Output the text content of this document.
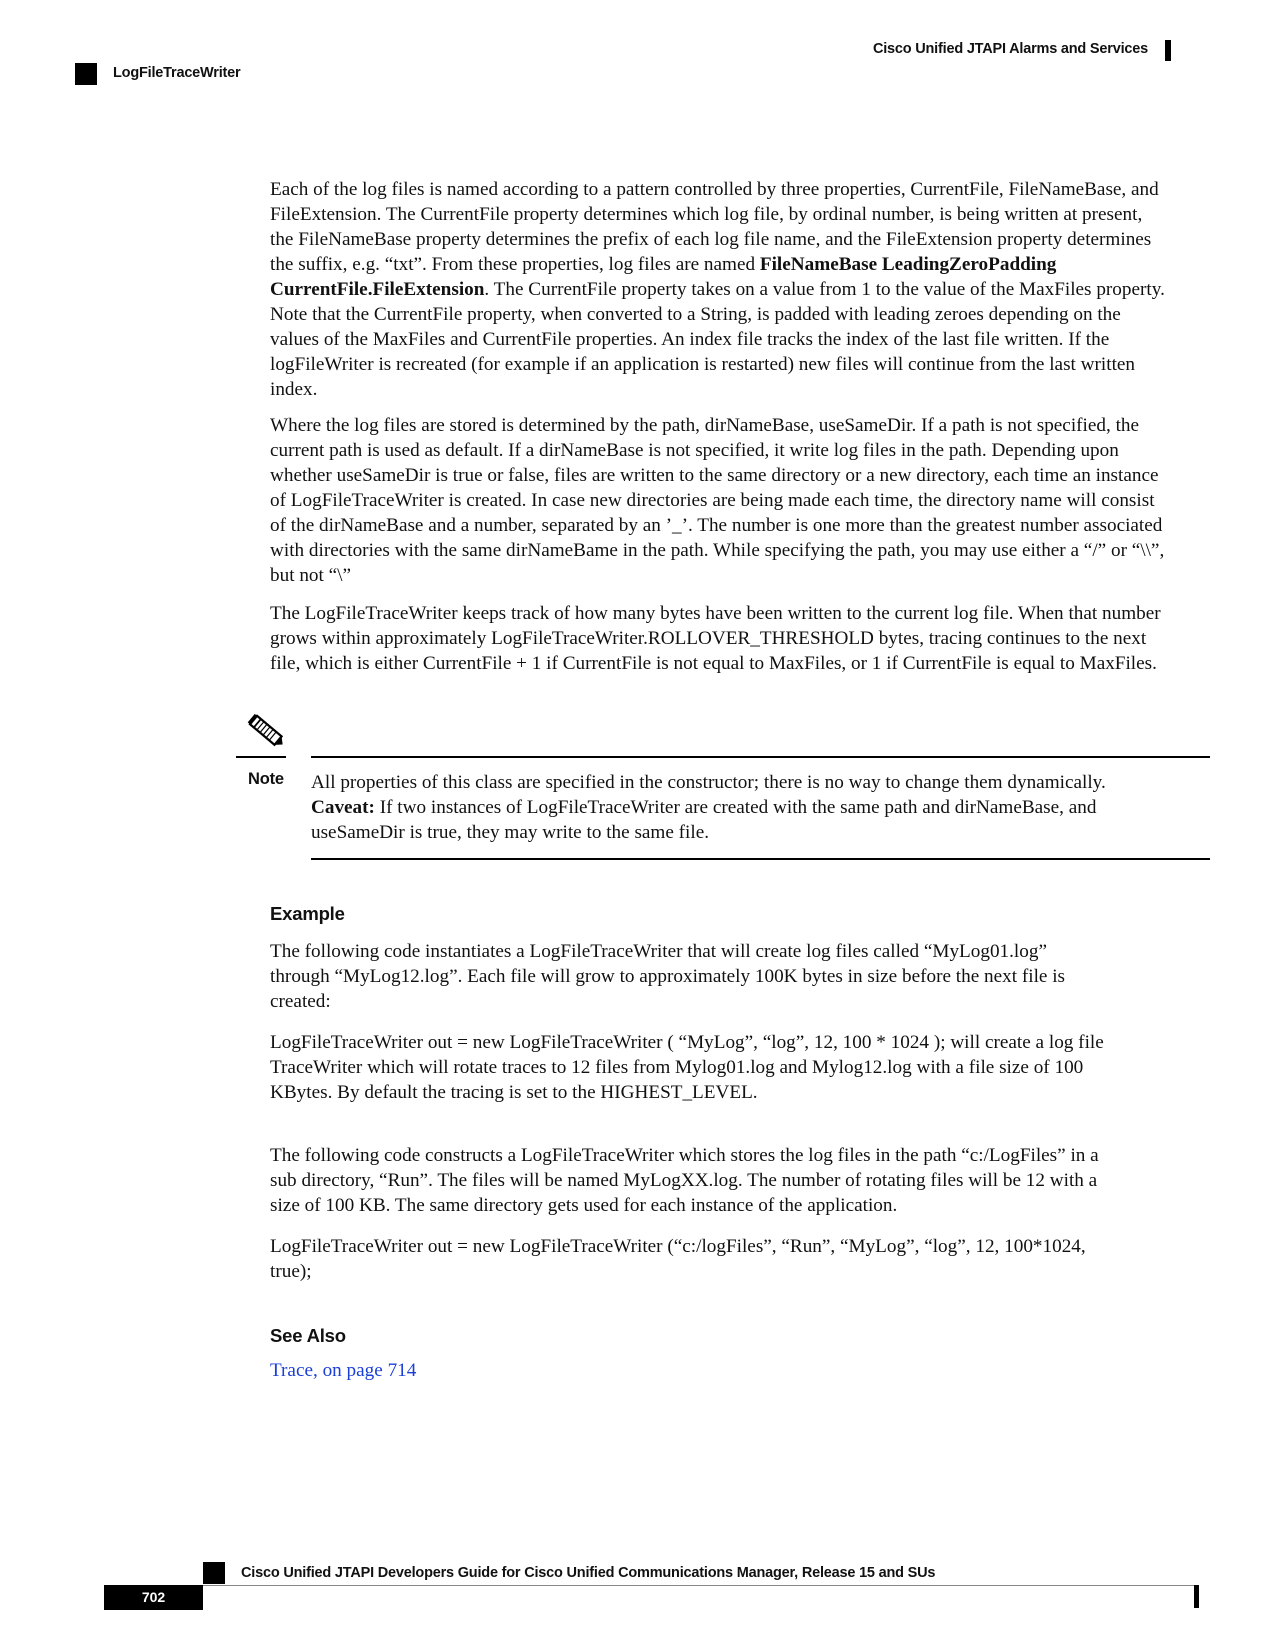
Cisco Unified JTAPI Alarms and Services
LogFileTraceWriter

Each of the log files is named according to a pattern controlled by three properties, CurrentFile, FileNameBase, and FileExtension. The CurrentFile property determines which log file, by ordinal number, is being written at present, the FileNameBase property determines the prefix of each log file name, and the FileExtension property determines the suffix, e.g. “txt”. From these properties, log files are named FileNameBase LeadingZeroPadding CurrentFile.FileExtension. The CurrentFile property takes on a value from 1 to the value of the MaxFiles property. Note that the CurrentFile property, when converted to a String, is padded with leading zeroes depending on the values of the MaxFiles and CurrentFile properties. An index file tracks the index of the last file written. If the logFileWriter is recreated (for example if an application is restarted) new files will continue from the last written index.

Where the log files are stored is determined by the path, dirNameBase, useSameDir. If a path is not specified, the current path is used as default. If a dirNameBase is not specified, it write log files in the path. Depending upon whether useSameDir is true or false, files are written to the same directory or a new directory, each time an instance of LogFileTraceWriter is created. In case new directories are being made each time, the directory name will consist of the dirNameBase and a number, separated by an ’_’. The number is one more than the greatest number associated with directories with the same dirNameBame in the path. While specifying the path, you may use either a “/” or “\\”, but not “\”

The LogFileTraceWriter keeps track of how many bytes have been written to the current log file. When that number grows within approximately LogFileTraceWriter.ROLLOVER_THRESHOLD bytes, tracing continues to the next file, which is either CurrentFile + 1 if CurrentFile is not equal to MaxFiles, or 1 if CurrentFile is equal to MaxFiles.

Note All properties of this class are specified in the constructor; there is no way to change them dynamically.

Caveat: If two instances of LogFileTraceWriter are created with the same path and dirNameBase, and useSameDir is true, they may write to the same file.

Example

The following code instantiates a LogFileTraceWriter that will create log files called “MyLog01.log” through “MyLog12.log”. Each file will grow to approximately 100K bytes in size before the next file is created:

LogFileTraceWriter out = new LogFileTraceWriter ( “MyLog”, “log”, 12, 100 * 1024 ); will create a log file TraceWriter which will rotate traces to 12 files from Mylog01.log and Mylog12.log with a file size of 100 KBytes. By default the tracing is set to the HIGHEST_LEVEL.

The following code constructs a LogFileTraceWriter which stores the log files in the path “c:/LogFiles” in a sub directory, “Run”. The files will be named MyLogXX.log. The number of rotating files will be 12 with a size of 100 KB. The same directory gets used for each instance of the application.

LogFileTraceWriter out = new LogFileTraceWriter (“c:/logFiles”, “Run”, “MyLog”, “log”, 12, 100*1024, true);

See Also
Trace, on page 714
Cisco Unified JTAPI Developers Guide for Cisco Unified Communications Manager, Release 15 and SUs
702
